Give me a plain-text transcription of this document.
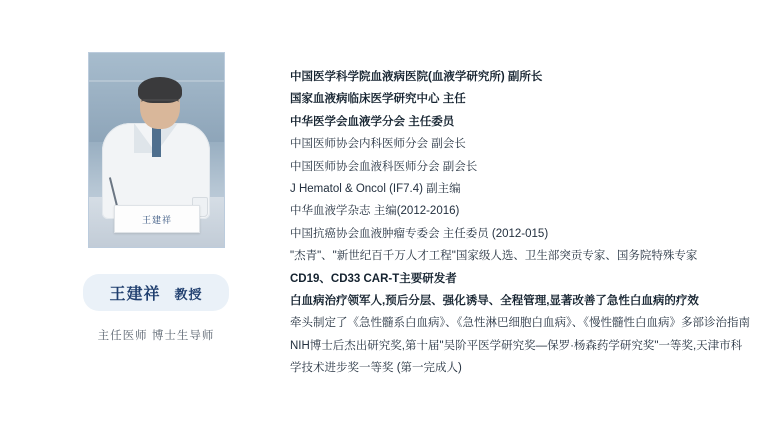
王建祥
王建祥 教授
主任医师 博士生导师
中国医学科学院血液病医院(血液学研究所) 副所长
国家血液病临床医学研究中心 主任
中华医学会血液学分会 主任委员
中国医师协会内科医师分会 副会长
中国医师协会血液科医师分会 副会长
J Hematol & Oncol (IF7.4) 副主编
中华血液学杂志 主编(2012-2016)
中国抗癌协会血液肿瘤专委会 主任委员 (2012-015)
"杰青"、"新世纪百千万人才工程"国家级人选、卫生部突贡专家、国务院特殊专家
CD19、CD33 CAR-T主要研发者
白血病治疗领军人,预后分层、强化诱导、全程管理,显著改善了急性白血病的疗效
牵头制定了《急性髓系白血病》、《急性淋巴细胞白血病》、《慢性髓性白血病》多部诊治指南
NIH博士后杰出研究奖,第十届"吴阶平医学研究奖—保罗·杨森药学研究奖"一等奖,天津市科学技术进步奖一等奖 (第一完成人)
